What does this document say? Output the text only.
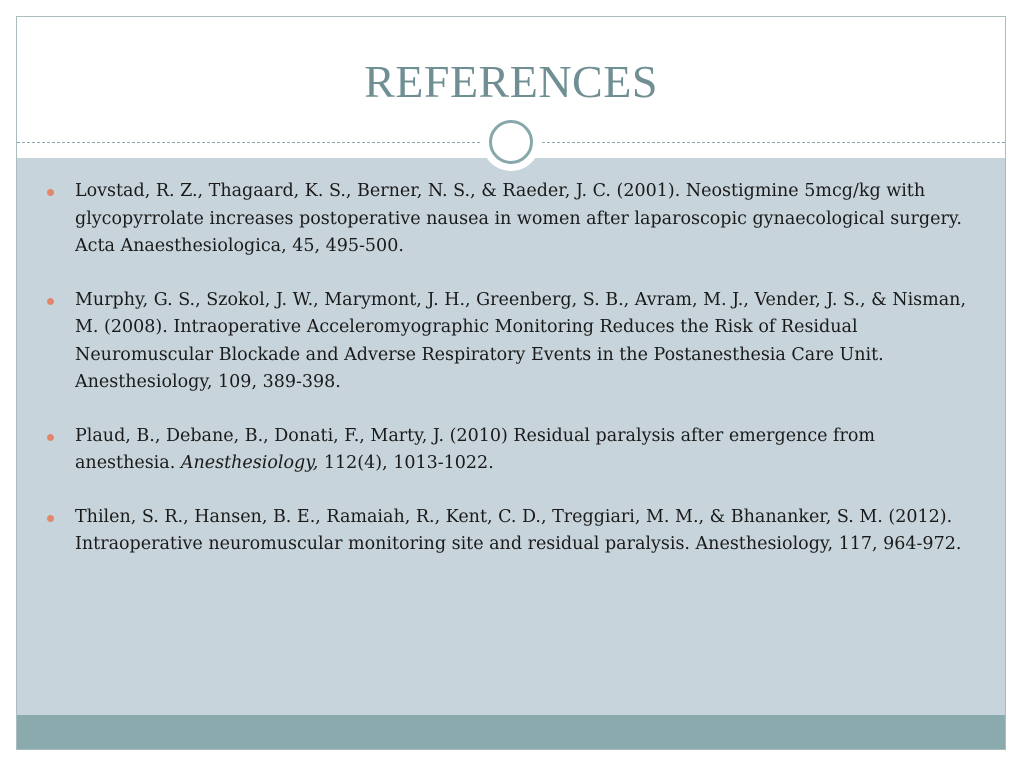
REFERENCES
Lovstad, R. Z., Thagaard, K. S., Berner, N. S., & Raeder, J. C. (2001). Neostigmine 5mcg/kg with glycopyrrolate increases postoperative nausea in women after laparoscopic gynaecological surgery. Acta Anaesthesiologica, 45, 495-500.
Murphy, G. S., Szokol, J. W., Marymont, J. H., Greenberg, S. B., Avram, M. J., Vender, J. S., & Nisman, M. (2008). Intraoperative Acceleromyographic Monitoring Reduces the Risk of Residual Neuromuscular Blockade and Adverse Respiratory Events in the Postanesthesia Care Unit. Anesthesiology, 109, 389-398.
Plaud, B., Debane, B., Donati, F., Marty, J. (2010) Residual paralysis after emergence from anesthesia. Anesthesiology, 112(4), 1013-1022.
Thilen, S. R., Hansen, B. E., Ramaiah, R., Kent, C. D., Treggiari, M. M., & Bhananker, S. M. (2012). Intraoperative neuromuscular monitoring site and residual paralysis. Anesthesiology, 117, 964-972.
